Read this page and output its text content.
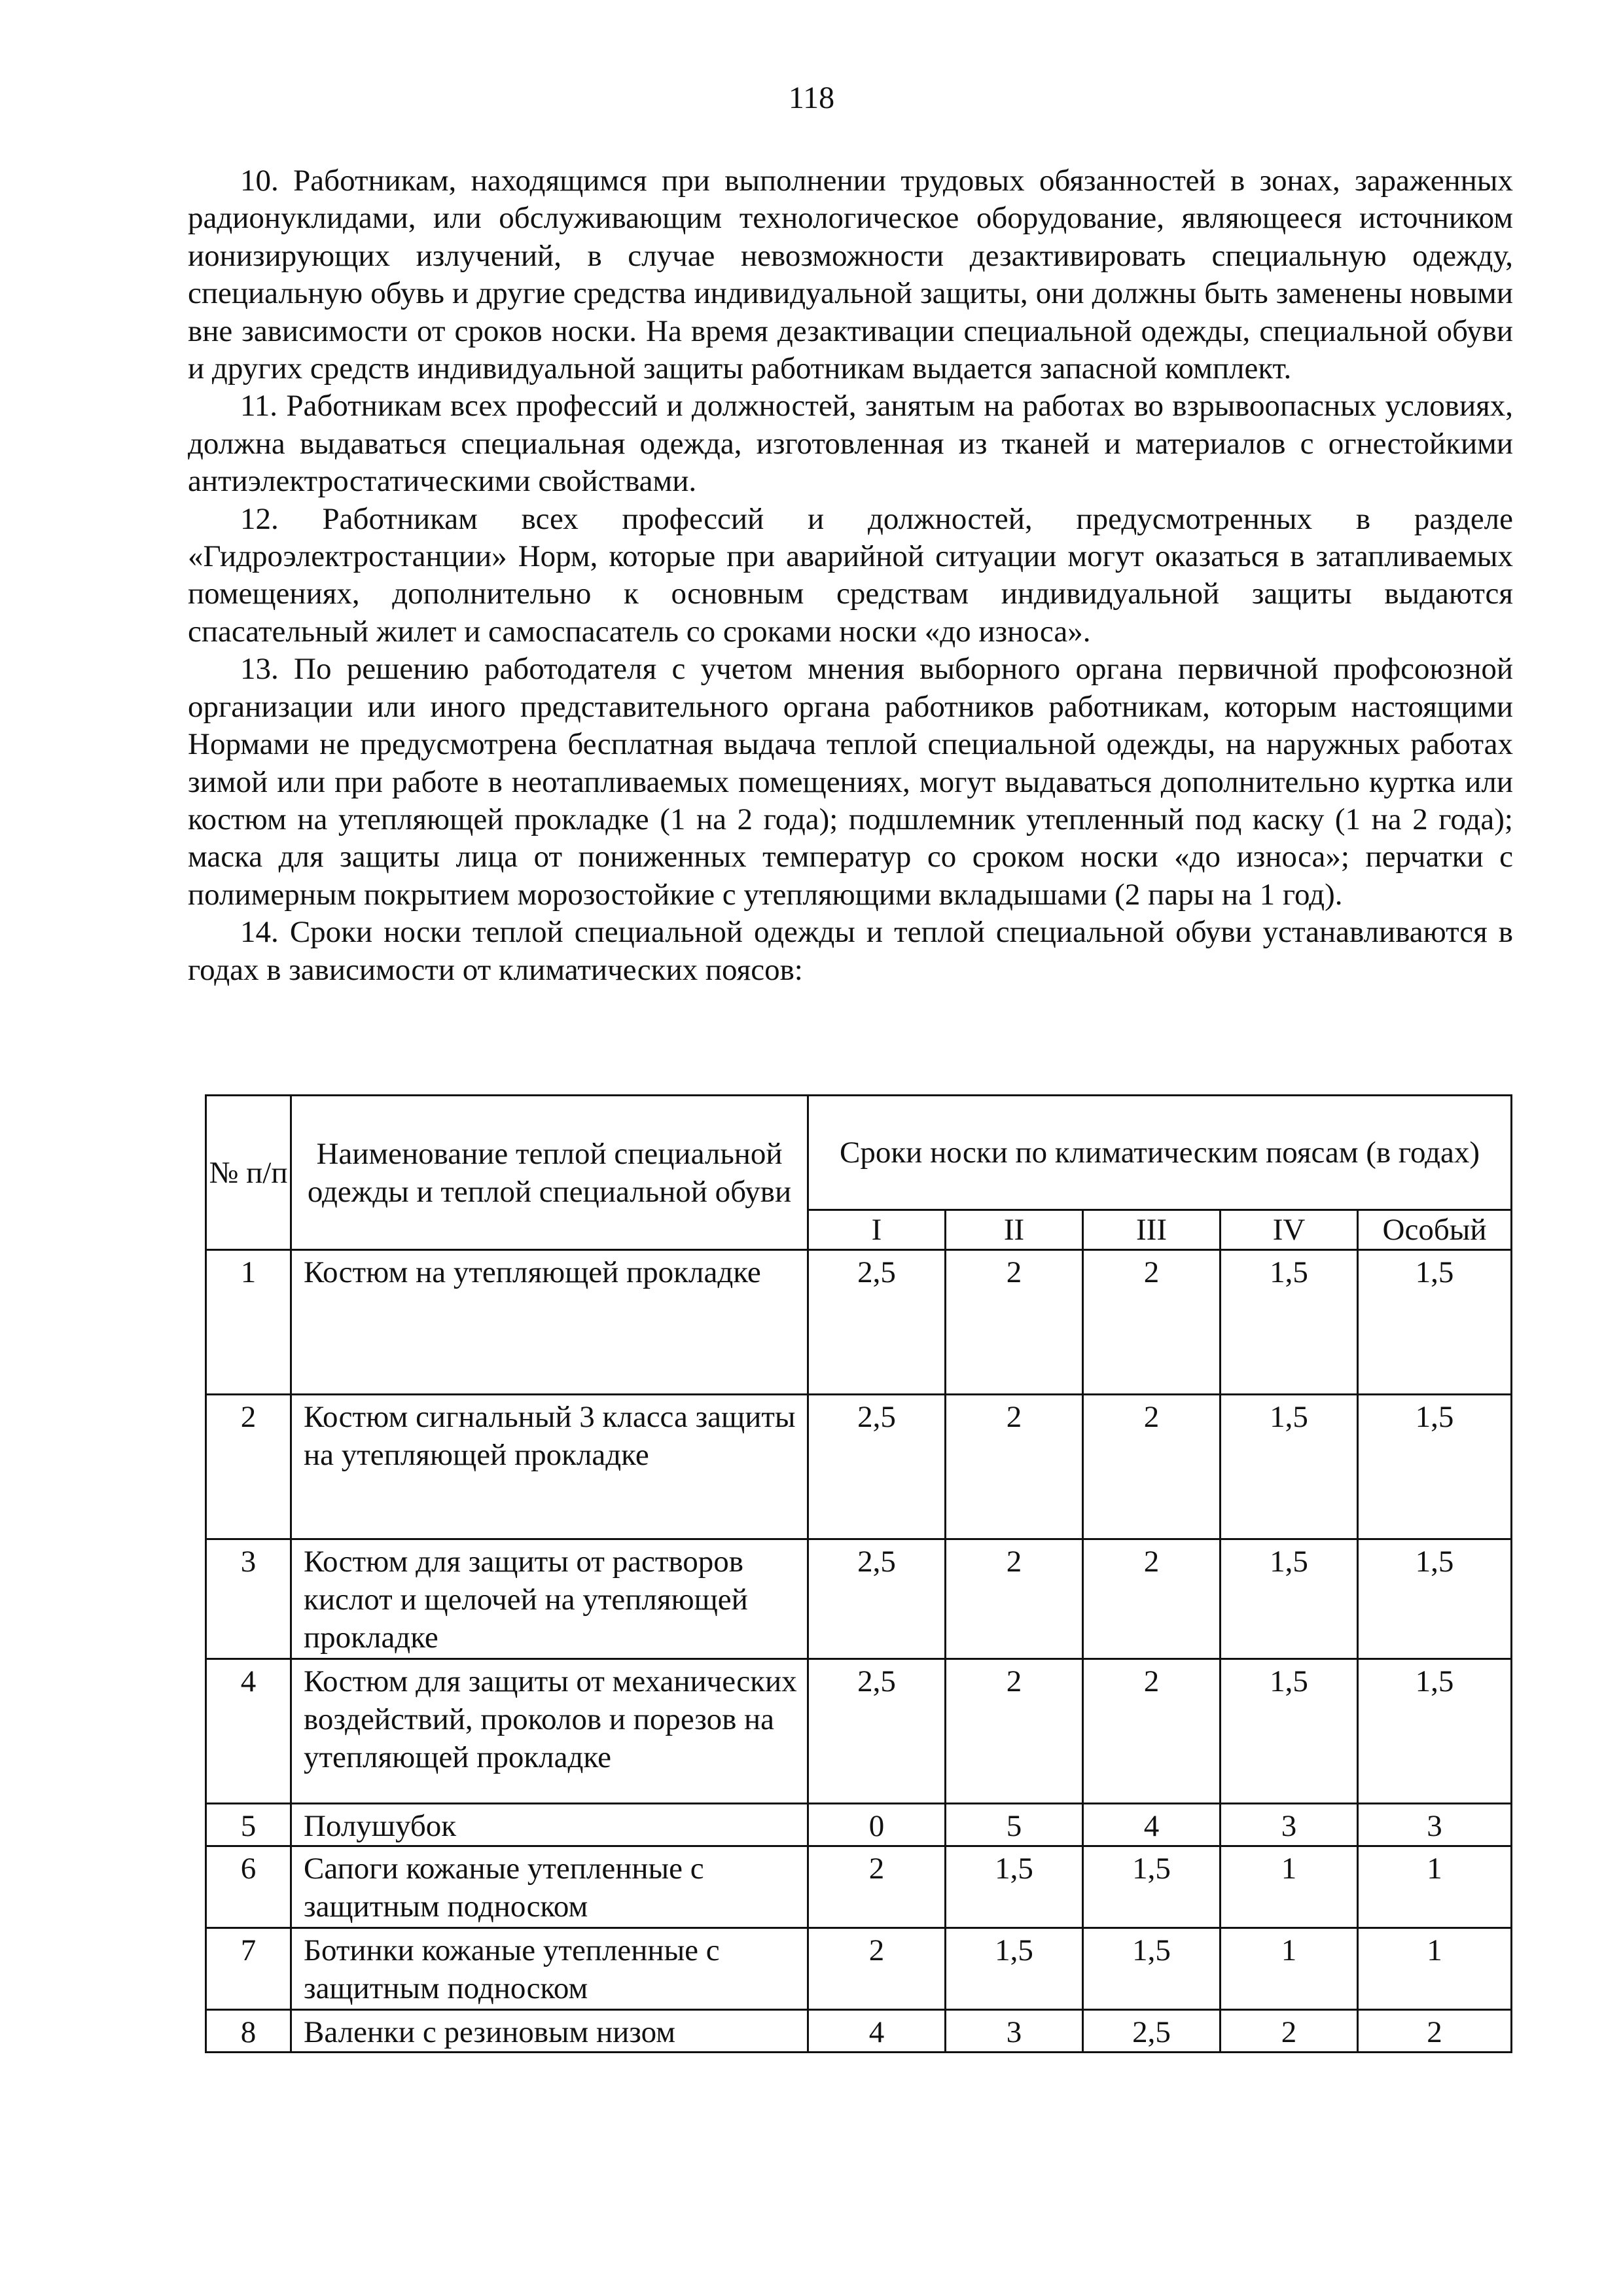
118

10. Работникам, находящимся при выполнении трудовых обязанностей в зонах, зараженных радионуклидами, или обслуживающим технологическое оборудование, являющееся источником ионизирующих излучений, в случае невозможности дезактивировать специальную одежду, специальную обувь и другие средства индивидуальной защиты, они должны быть заменены новыми вне зависимости от сроков носки. На время дезактивации специальной одежды, специальной обуви и других средств индивидуальной защиты работникам выдается запасной комплект.

11. Работникам всех профессий и должностей, занятым на работах во взрывоопасных условиях, должна выдаваться специальная одежда, изготовленная из тканей и материалов с огнестойкими антиэлектростатическими свойствами.

12. Работникам всех профессий и должностей, предусмотренных в разделе «Гидроэлектростанции» Норм, которые при аварийной ситуации могут оказаться в затапливаемых помещениях, дополнительно к основным средствам индивидуальной защиты выдаются спасательный жилет и самоспасатель со сроками носки «до износа».

13. По решению работодателя с учетом мнения выборного органа первичной профсоюзной организации или иного представительного органа работников работникам, которым настоящими Нормами не предусмотрена бесплатная выдача теплой специальной одежды, на наружных работах зимой или при работе в неотапливаемых помещениях, могут выдаваться дополнительно куртка или костюм на утепляющей прокладке (1 на 2 года); подшлемник утепленный под каску (1 на 2 года); маска для защиты лица от пониженных температур со сроком носки «до износа»; перчатки с полимерным покрытием морозостойкие с утепляющими вкладышами (2 пары на 1 год).

14. Сроки носки теплой специальной одежды и теплой специальной обуви устанавливаются в годах в зависимости от климатических поясов:

№ п/п	Наименование теплой специальной одежды и теплой специальной обуви	Сроки носки по климатическим поясам (в годах)				
		I	II	III	IV	Особый
1	Костюм на утепляющей прокладке	2,5	2	2	1,5	1,5
2	Костюм сигнальный 3 класса защиты на утепляющей прокладке	2,5	2	2	1,5	1,5
3	Костюм для защиты от растворов кислот и щелочей на утепляющей прокладке	2,5	2	2	1,5	1,5
4	Костюм для защиты от механических воздействий, проколов и порезов на утепляющей прокладке	2,5	2	2	1,5	1,5
5	Полушубок	0	5	4	3	3
6	Сапоги кожаные утепленные с защитным подноском	2	1,5	1,5	1	1
7	Ботинки кожаные утепленные с защитным подноском	2	1,5	1,5	1	1
8	Валенки с резиновым низом	4	3	2,5	2	2
